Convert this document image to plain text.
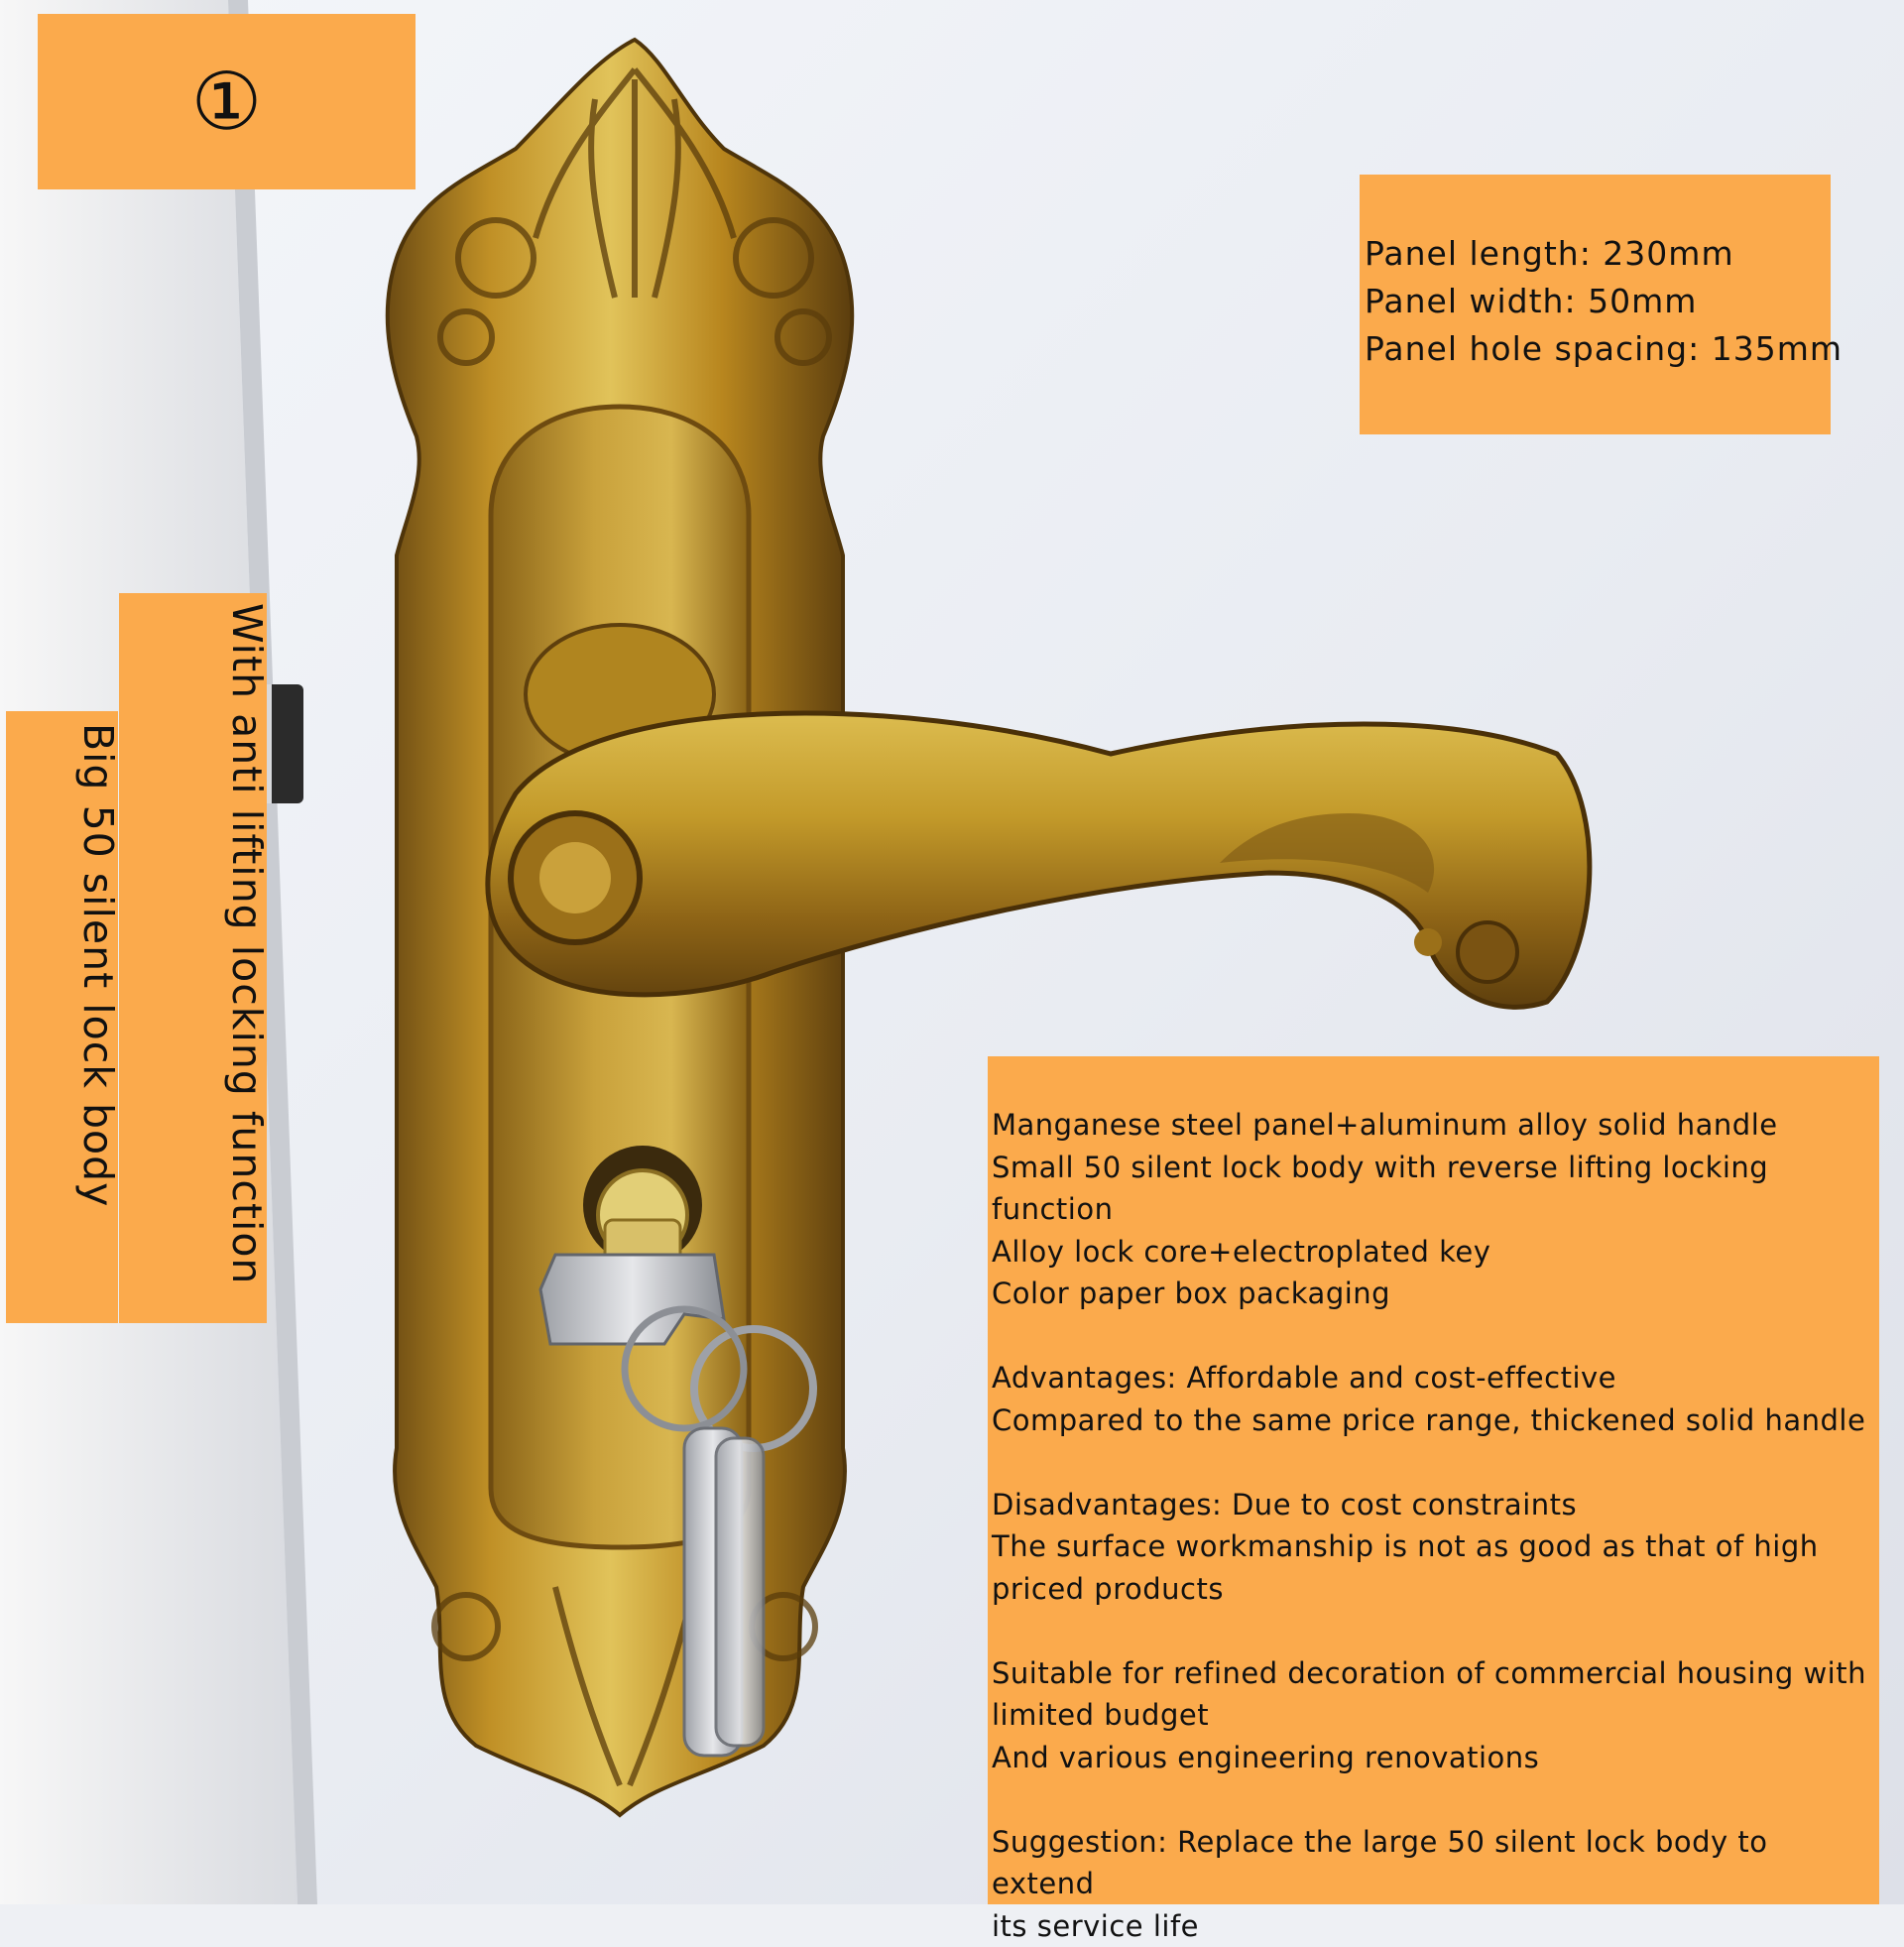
①
Panel length: 230mm
Panel width: 50mm
Panel hole spacing: 135mm
With anti lifting locking function
Big 50 silent lock body	Manganese steel panel+aluminum alloy solid handle

Small 50 silent lock body with reverse lifting locking function

Alloy lock core+electroplated key

Color paper box packaging

Advantages: Affordable and cost-effective

Compared to the same price range, thickened solid handle

Disadvantages: Due to cost constraints

The surface workmanship is not as good as that of high

priced products

Suitable for refined decoration of commercial housing with

limited budget

And various engineering renovations

Suggestion: Replace the large 50 silent lock body to extend

its service life
